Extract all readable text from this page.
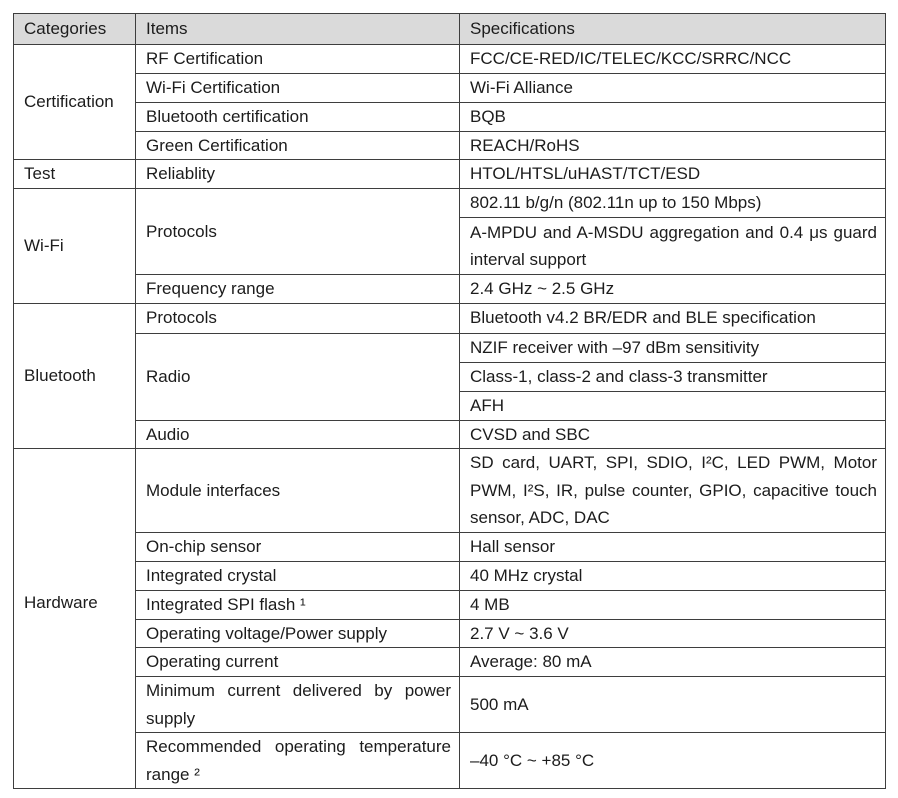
Categories	Items	Specifications
Certification	RF Certification	FCC/CE-RED/IC/TELEC/KCC/SRRC/NCC
	Wi-Fi Certification	Wi-Fi Alliance
	Bluetooth certification	BQB
	Green Certification	REACH/RoHS
Test	Reliablity	HTOL/HTSL/uHAST/TCT/ESD
Wi-Fi	Protocols	802.11 b/g/n (802.11n up to 150 Mbps)
		A-MPDU and A-MSDU aggregation and 0.4 μs guard interval support
	Frequency range	2.4 GHz ~ 2.5 GHz
Bluetooth	Protocols	Bluetooth v4.2 BR/EDR and BLE specification
	Radio	NZIF receiver with –97 dBm sensitivity
		Class-1, class-2 and class-3 transmitter
		AFH
	Audio	CVSD and SBC
Hardware	Module interfaces	SD card, UART, SPI, SDIO, I²C, LED PWM, Motor PWM, I²S, IR, pulse counter, GPIO, capacitive touch sensor, ADC, DAC
	On-chip sensor	Hall sensor
	Integrated crystal	40 MHz crystal
	Integrated SPI flash ¹	4 MB
	Operating voltage/Power supply	2.7 V ~ 3.6 V
	Operating current	Average: 80 mA
	Minimum current delivered by power supply	500 mA
	Recommended operating temperature range ²	–40 °C ~ +85 °C
